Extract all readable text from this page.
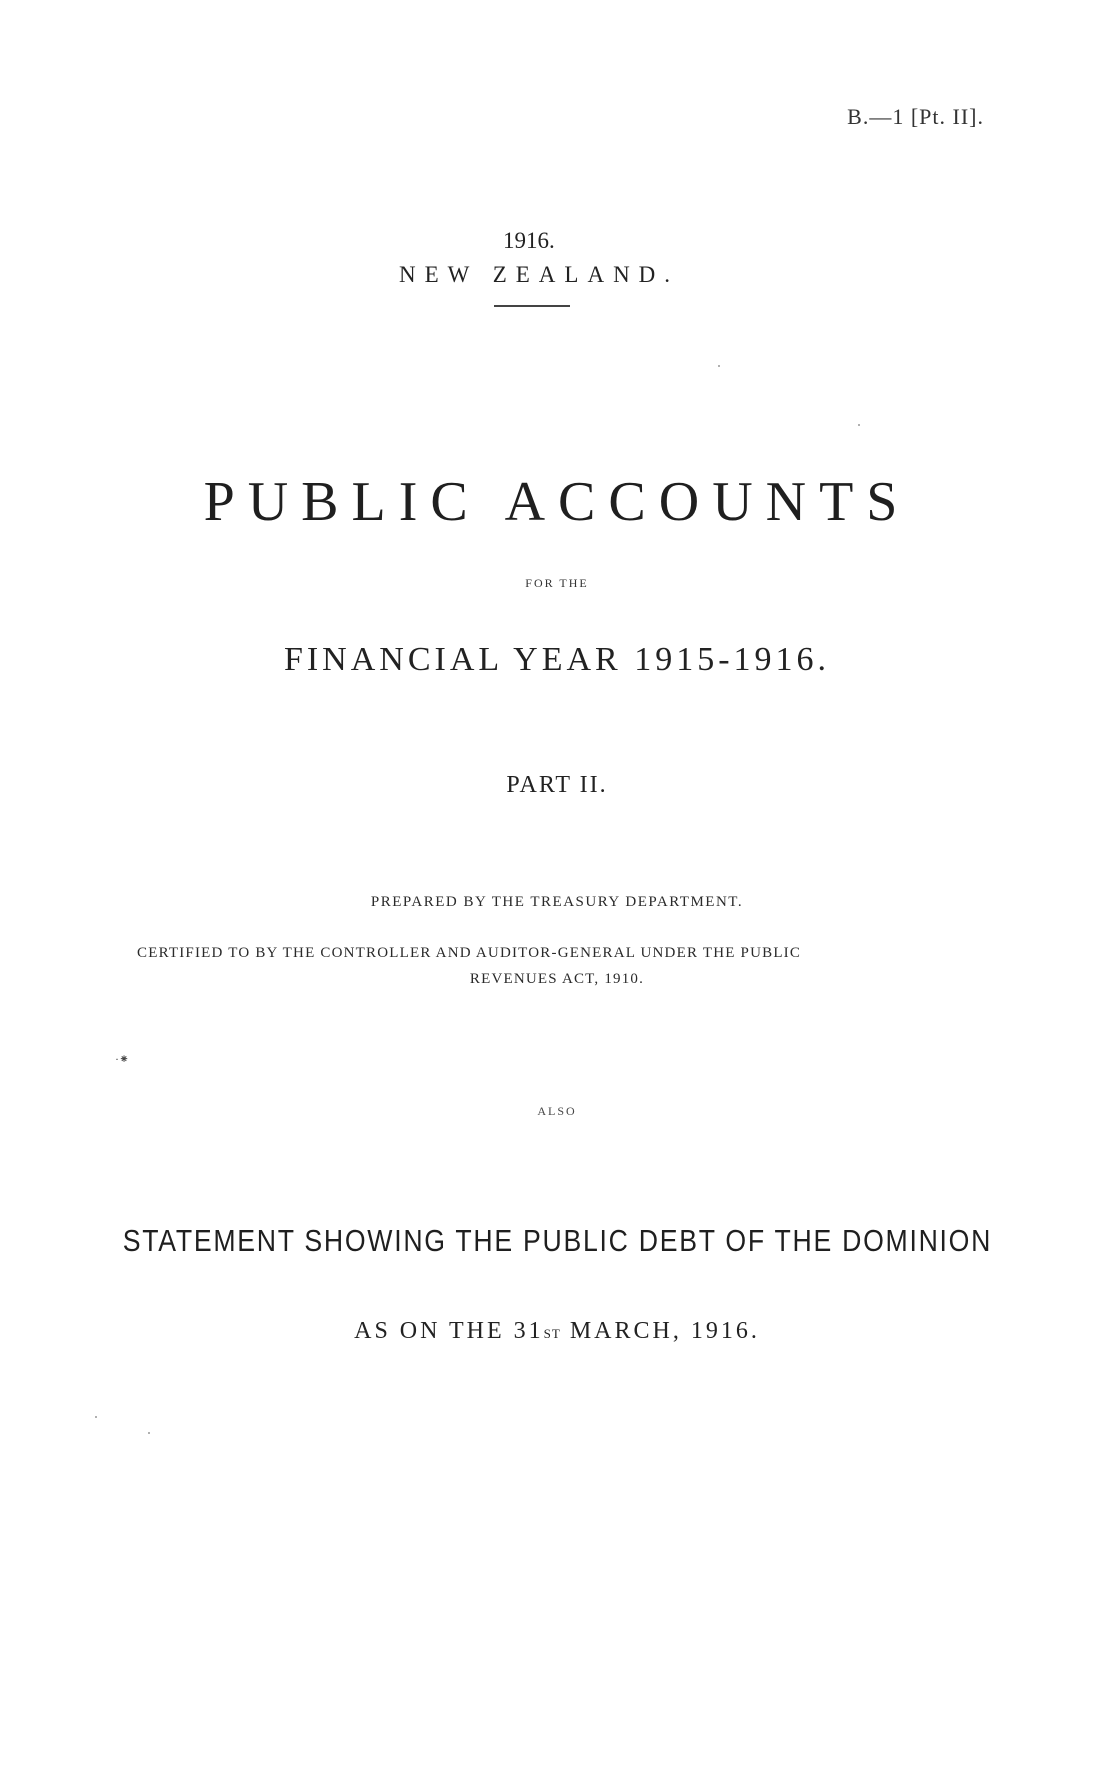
B.—1 [Pt. II].
1916.
NEW ZEALAND.
PUBLIC ACCOUNTS
FOR THE
FINANCIAL YEAR 1915-1916.
PART II.
PREPARED BY THE TREASURY DEPARTMENT.
CERTIFIED TO BY THE CONTROLLER AND AUDITOR-GENERAL UNDER THE PUBLIC
REVENUES ACT, 1910.
·⁕
ALSO
STATEMENT SHOWING THE PUBLIC DEBT OF THE DOMINION
AS ON THE 31ST MARCH, 1916.
